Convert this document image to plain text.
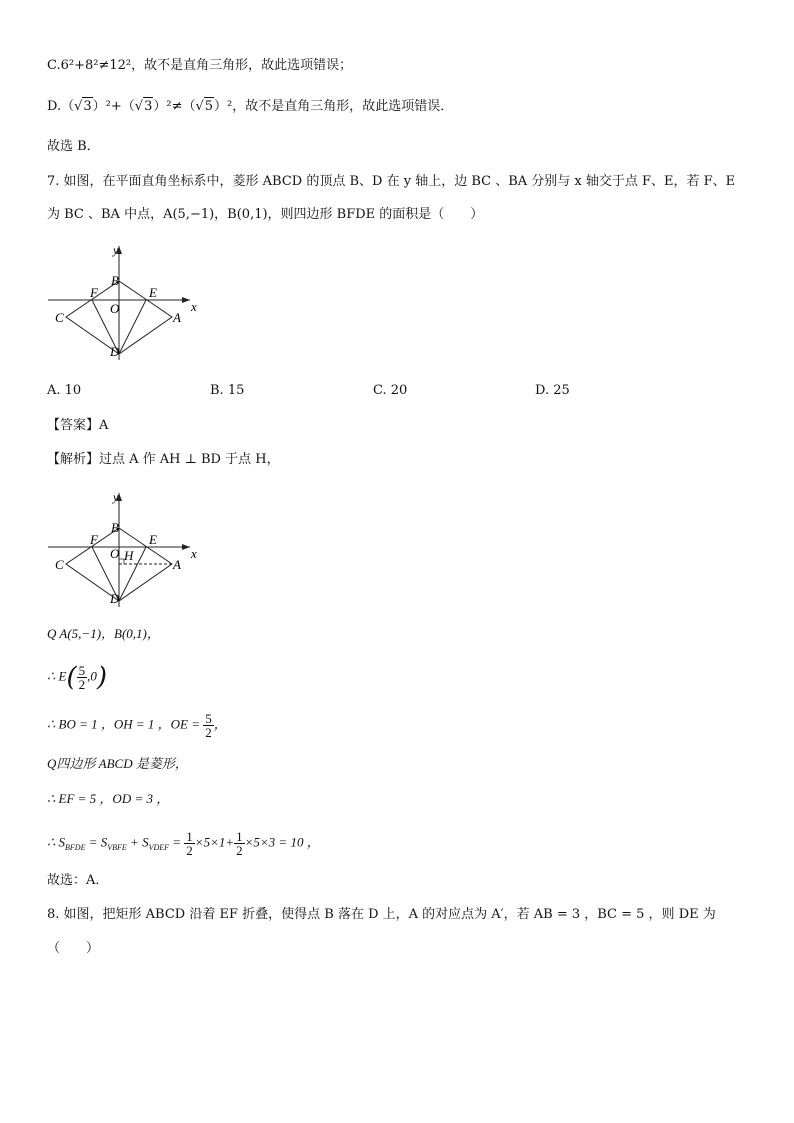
C.6²+8²≠12²，故不是直角三角形，故此选项错误；
D.（√3）²+（√3）²≠（√5）²，故不是直角三角形，故此选项错误．
故选 B．
7. 如图，在平面直角坐标系中，菱形 ABCD 的顶点 B、D 在 y 轴上，边 BC 、BA 分别与 x 轴交于点 F、E，若 F、E
为 BC 、BA 中点，A(5,−1)，B(0,1)，则四边形 BFDE 的面积是（　　）
y
x
B
F	E
O
C	A
D
A. 10	B. 15	C. 20	D. 25
【答案】A
【解析】过点 A 作 AH ⊥ BD 于点 H，
y
x
B
F	E
O H
C	A
D
Q A(5,−1)，B(0,1)，
∴ $E( \frac{5}{2} ,0)$
∴ BO = 1 ，OH = 1 ，OE = $\frac{5}{2}$ ，
Q四边形 ABCD 是菱形，
∴ EF = 5 ，OD = 3 ，
∴ $S_{BFDE} = S_{VBFE} + S_{VDEF} = \frac{1}{2} \times 5\times 1+ \frac{1}{2} \times 5\times 3 = 10$ ，
故选：A．
8. 如图，把矩形 ABCD 沿着 EF 折叠，使得点 B 落在 D 上，A 的对应点为 A′，若 AB = 3 ，BC = 5 ，则 DE 为
（　　）
